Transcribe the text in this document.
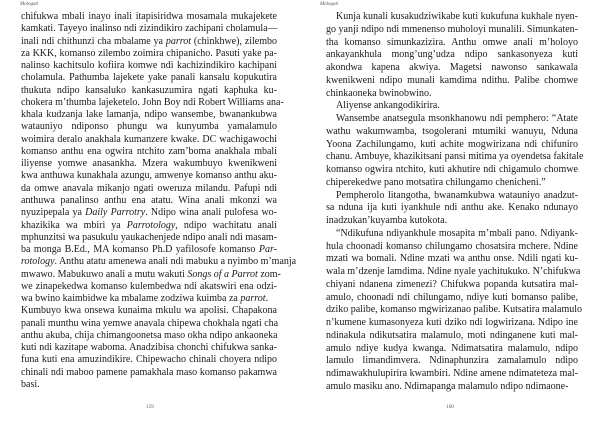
Mologati
chifukwa mbali inayo inali itapisiridwa mosamala mukajekete
kamkati. Tayeyo inalinso ndi zizindikiro zachipani cholamula—
inali ndi chithunzi cha mbalame ya parrot (chinkhwe), zilembo
za KKK, komanso zilembo zoimira chipanicho. Pasuti yake pa-
nalinso kachitsulo kofiira komwe ndi kachizindikiro kachipani
cholamula. Pathumba lajekete yake panali kansalu kopukutira
thukuta ndipo kansaluko kankasuzumira ngati kaphuka ku-
chokera m’thumba lajeketelo. John Boy ndi Robert Williams ana-
khala kudzanja lake lamanja, ndipo wansembe, bwanankubwa
watauniyo ndiponso phungu wa kunyumba yamalamulo
woimira deralo anakhala kumanzere kwake. DC wachigawochi
komanso anthu ena ogwira ntchito zam’boma anakhala mbali
iliyense yomwe anasankha. Mzera wakumbuyo kwenikweni
kwa anthuwa kunakhala azungu, amwenye komanso anthu aku-
da omwe anavala mikanjo ngati oweruza milandu. Pafupi ndi
anthuwa panalinso anthu ena atatu. Wina anali mkonzi wa
nyuzipepala ya Daily Parrotry. Ndipo wina anali pulofesa wo-
khazikika wa mbiri ya Parrotology, ndipo wachitatu anali
mphunzitsi wa pasukulu yaukachenjede ndipo anali ndi masam-
ba monga B.Ed., MA komanso Ph.D yafilosofe komanso Par-
rotology. Anthu atatu amenewa anali ndi mabuku a nyimbo m’manja
mwawo. Mabukuwo anali a mutu wakuti Songs of a Parrot zom-
we zinapekedwa komanso kulembedwa ndi akatswiri ena odzi-
wa bwino kaimbidwe ka mbalame zodziwa kuimba za parrot.
Kumbuyo kwa onsewa kunaima mkulu wa apolisi. Chapakona
panali munthu wina yemwe anavala chipewa chokhala ngati cha
anthu akuba, chija chimangoonetsa maso okha ndipo ankaoneka
kuti ndi kazitape waboma. Anadzibisa chonchi chifukwa sanka-
funa kuti ena amuzindikire. Chipewacho chinali choyera ndipo
chinali ndi maboo pamene pamakhala maso komanso pakamwa
basi.
159
Mologati
Kunja kunali kusakudziwikabe kuti kukufuna kukhale nyen-
go yanji ndipo ndi mmenenso muholoyi munalili. Simunkaten-
tha komanso simunkazizira. Anthu omwe anali m’holoyo
ankayankhula mong’ung’udza ndipo sankasonyeza kuti
akondwa kapena akwiya. Magetsi nawonso sankawala
kwenikweni ndipo munali kamdima ndithu. Palibe chomwe
chinkaoneka bwinobwino.
Aliyense ankangodikirira.
Wansembe anatsegula msonkhanowu ndi pemphero: “Atate
wathu wakumwamba, tsogolerani mtumiki wanuyu, Nduna
Yoona Zachilungamo, kuti achite mogwirizana ndi chifuniro
chanu. Ambuye, khazikitsani pansi mitima ya oyendetsa fakitale
komanso ogwira ntchito, kuti akhutire ndi chigamulo chomwe
chiperekedwe pano motsatira chilungamo chenicheni.”
Pempherolo litangotha, bwanamkubwa watauniyo anadzut-
sa nduna ija kuti iyankhule ndi anthu ake. Kenako ndunayo
inadzukan’kuyamba kutokota.
“Ndikufuna ndiyankhule mosapita m’mbali pano. Ndiyank-
hula choonadi komanso chilungamo chosatsira mchere. Ndine
mzati wa bomali. Ndine mzati wa anthu onse. Ndili ngati ku-
wala m’dzenje lamdima. Ndine nyale yachitukuko. N’chifukwa
chiyani ndanena zimenezi? Chifukwa popanda kutsatira mal-
amulo, choonadi ndi chilungamo, ndiye kuti bomanso palibe,
dziko palibe, komanso mgwirizanao palibe. Kutsatira malamulo
n’kumene kumasonyeza kuti dziko ndi logwirizana. Ndipo ine
ndinakula ndikutsatira malamulo, moti ndinganene kuti mal-
amulo ndiye kudya kwanga. Ndimatsatira malamulo, ndipo
lamulo limandimvera. Ndinaphunzira zamalamulo ndipo
ndimawakhulupirira kwambiri. Ndine amene ndimateteza mal-
amulo masiku ano. Ndimapanga malamulo ndipo ndimaone-
160
